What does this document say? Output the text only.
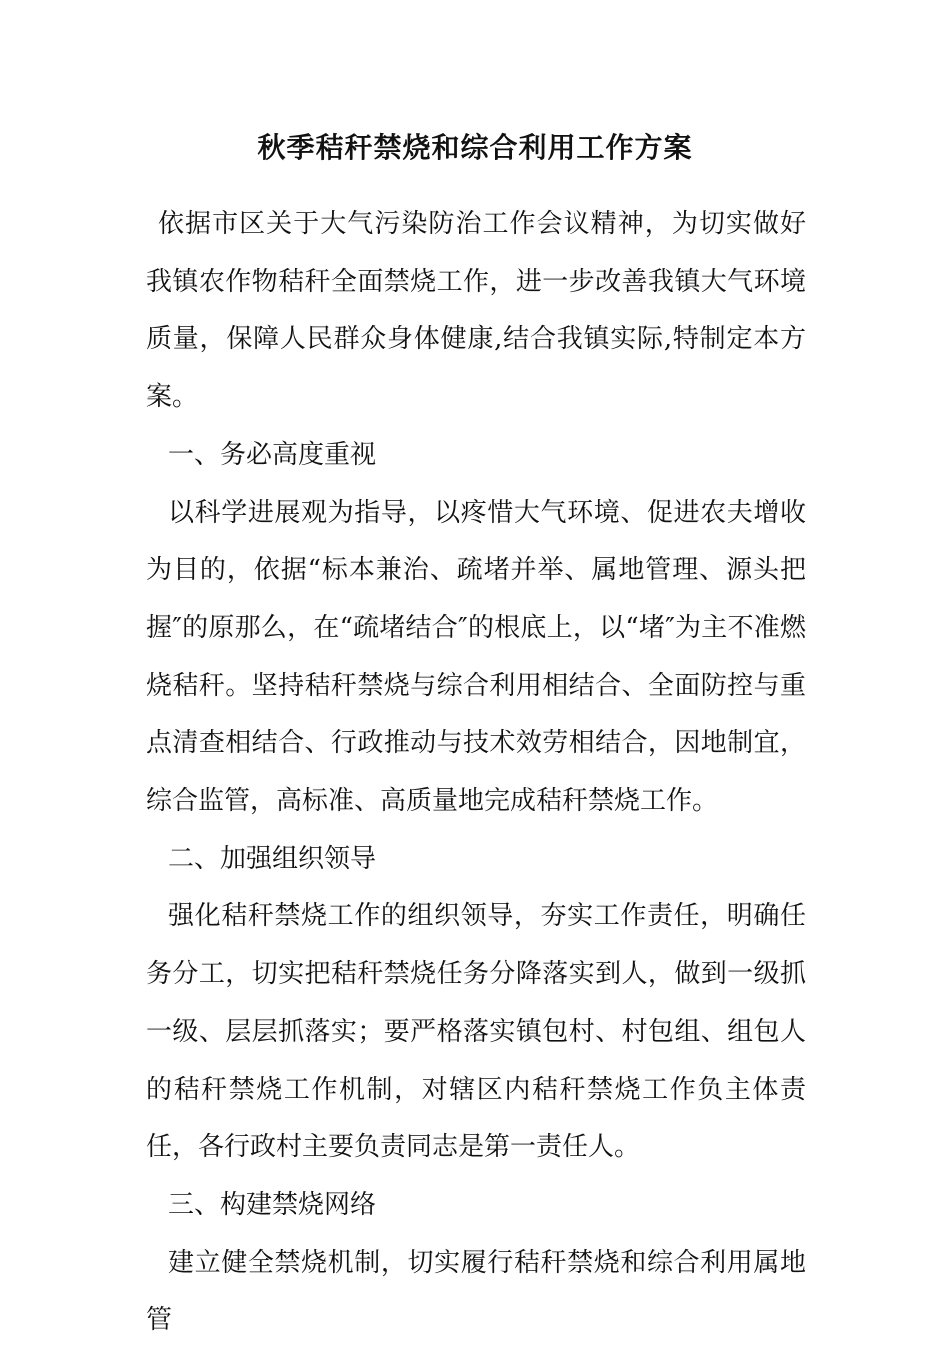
秋季秸秆禁烧和综合利用工作方案

依据市区关于大气污染防治工作会议精神，为切实做好我镇农作物秸秆全面禁烧工作，进一步改善我镇大气环境质量，保障人民群众身体健康,结合我镇实际,特制定本方案。

一、务必高度重视

以科学进展观为指导，以疼惜大气环境、促进农夫增收为目的，依据“标本兼治、疏堵并举、属地管理、源头把握″的原那么，在“疏堵结合″的根底上，以“堵″为主不准燃烧秸秆。坚持秸秆禁烧与综合利用相结合、全面防控与重点清查相结合、行政推动与技术效劳相结合，因地制宜，综合监管，高标准、高质量地完成秸秆禁烧工作。

二、加强组织领导

强化秸秆禁烧工作的组织领导，夯实工作责任，明确任务分工，切实把秸秆禁烧任务分降落实到人，做到一级抓一级、层层抓落实；要严格落实镇包村、村包组、组包人的秸秆禁烧工作机制，对辖区内秸秆禁烧工作负主体责任，各行政村主要负责同志是第一责任人。

三、构建禁烧网络

建立健全禁烧机制，切实履行秸秆禁烧和综合利用属地管
